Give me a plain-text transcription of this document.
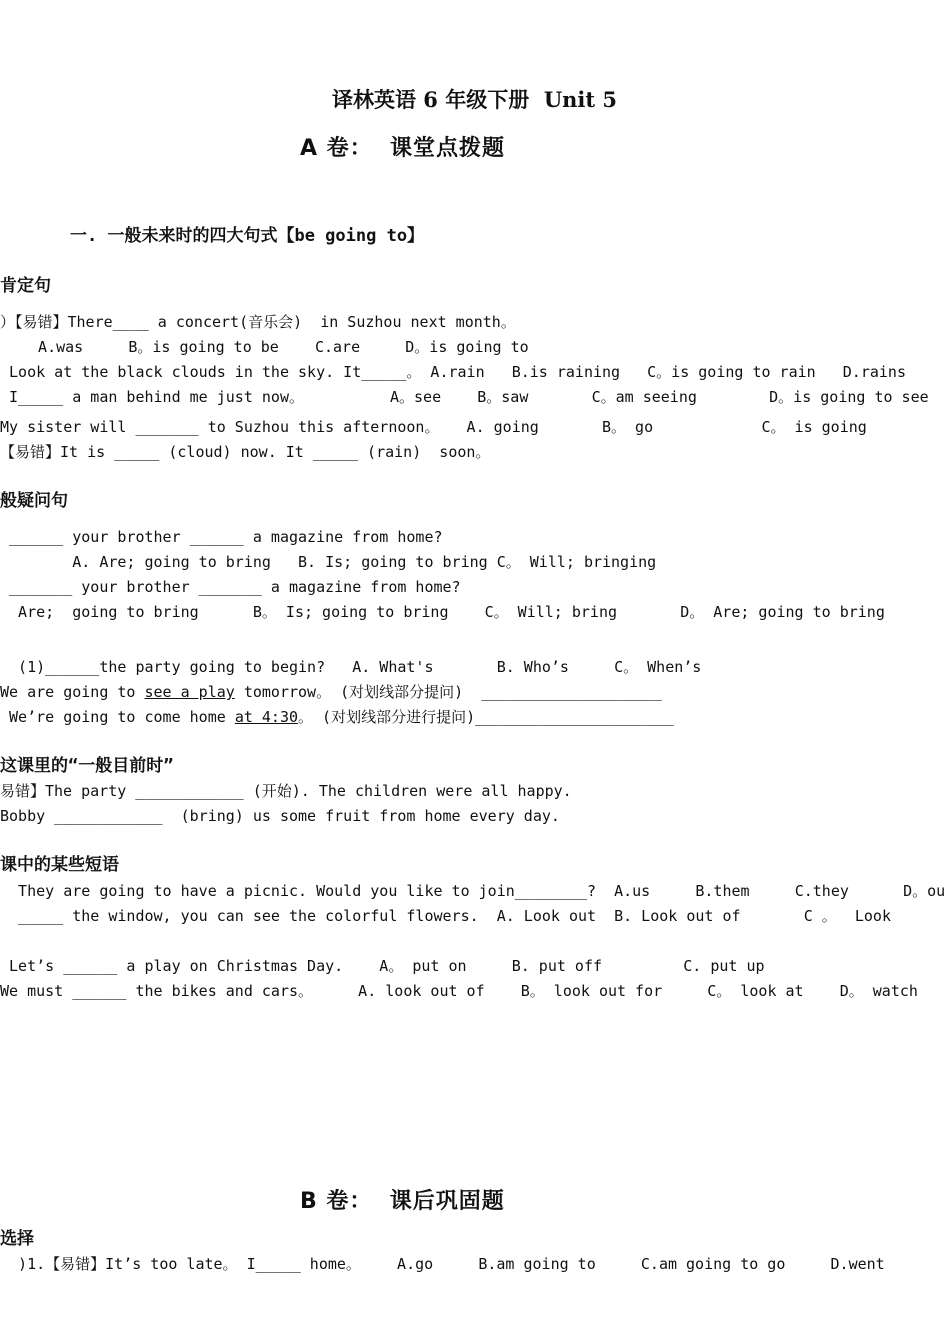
译林英语 6 年级下册  Unit 5
A 卷：  课堂点拨题
一. 一般未来时的四大句式【be going to】
肯定句
）【易错】There____ a concert(音乐会)  in Suzhou next month。
A.was     B。is going to be    C.are     D。is going to
Look at the black clouds in the sky. It_____。 A.rain   B.is raining   C。is going to rain   D.rains
I_____ a man behind me just now。	A。see    B。saw       C。am seeing        D。is going to see
My sister will _______ to Suzhou this afternoon。   A. going       B。 go            C。 is going
【易错】It is _____ (cloud) now. It _____ (rain)  soon。
般疑问句
______ your brother ______ a magazine from home?
A. Are; going to bring   B. Is; going to bring C。 Will; bringing
_______ your brother _______ a magazine from home?
Are;  going to bring      B。 Is; going to bring    C。 Will; bring       D。 Are; going to bring
(1)______the party going to begin?   A. What's       B. Who’s     C。 When’s
We are going to see a play tomorrow。 (对划线部分提问)  ____________________
We’re going to come home at 4:30。 (对划线部分进行提问)______________________
这课里的“一般目前时”
易错】The party ____________ (开始). The children were all happy.
Bobby ____________  (bring) us some fruit from home every day.
课中的某些短语
They are going to have a picnic. Would you like to join________?  A.us     B.them     C.they      D。ou
_____ the window, you can see the colorful flowers.  A. Look out  B. Look out of       C 。  Look
Let’s ______ a play on Christmas Day.    A。 put on     B. put off         C. put up
We must ______ the bikes and cars。     A. look out of    B。 look out for     C。 look at    D。 watch
B 卷：  课后巩固题
选择
)1.【易错】It’s too late。 I_____ home。    A.go     B.am going to     C.am going to go     D.went
